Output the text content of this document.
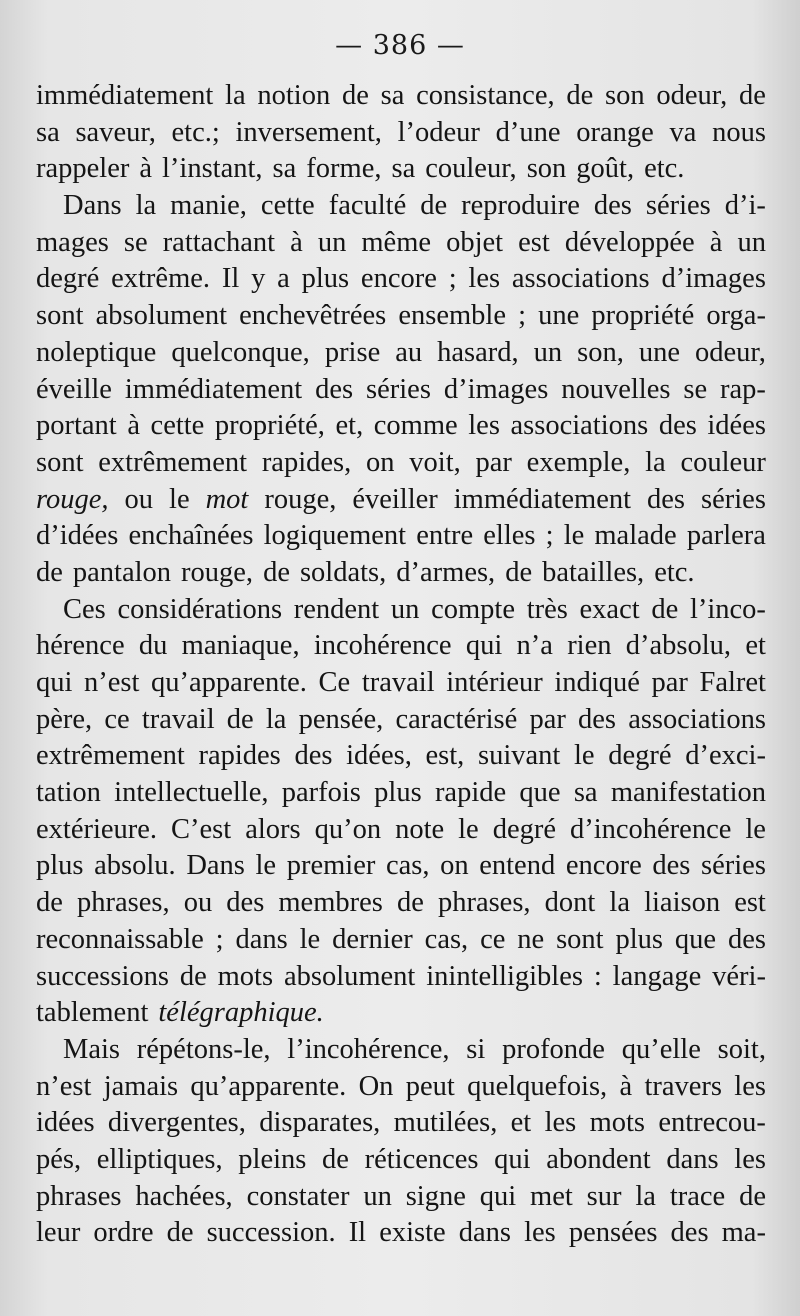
— 386 —
immédiatement la notion de sa consistance, de son odeur, de
sa saveur, etc.; inversement, l’odeur d’une orange va nous
rappeler à l’instant, sa forme, sa couleur, son goût, etc.
Dans la manie, cette faculté de reproduire des séries d’i-
mages se rattachant à un même objet est développée à un
degré extrême. Il y a plus encore ; les associations d’images
sont absolument enchevêtrées ensemble ; une propriété orga-
noleptique quelconque, prise au hasard, un son, une odeur,
éveille immédiatement des séries d’images nouvelles se rap-
portant à cette propriété, et, comme les associations des idées
sont extrêmement rapides, on voit, par exemple, la couleur
rouge, ou le mot rouge, éveiller immédiatement des séries
d’idées enchaînées logiquement entre elles ; le malade parlera
de pantalon rouge, de soldats, d’armes, de batailles, etc.
Ces considérations rendent un compte très exact de l’inco-
hérence du maniaque, incohérence qui n’a rien d’absolu, et
qui n’est qu’apparente. Ce travail intérieur indiqué par Falret
père, ce travail de la pensée, caractérisé par des associations
extrêmement rapides des idées, est, suivant le degré d’exci-
tation intellectuelle, parfois plus rapide que sa manifestation
extérieure. C’est alors qu’on note le degré d’incohérence le
plus absolu. Dans le premier cas, on entend encore des séries
de phrases, ou des membres de phrases, dont la liaison est
reconnaissable ; dans le dernier cas, ce ne sont plus que des
successions de mots absolument inintelligibles : langage véri-
tablement télégraphique.
Mais répétons-le, l’incohérence, si profonde qu’elle soit,
n’est jamais qu’apparente. On peut quelquefois, à travers les
idées divergentes, disparates, mutilées, et les mots entrecou-
pés, elliptiques, pleins de réticences qui abondent dans les
phrases hachées, constater un signe qui met sur la trace de
leur ordre de succession. Il existe dans les pensées des ma-
